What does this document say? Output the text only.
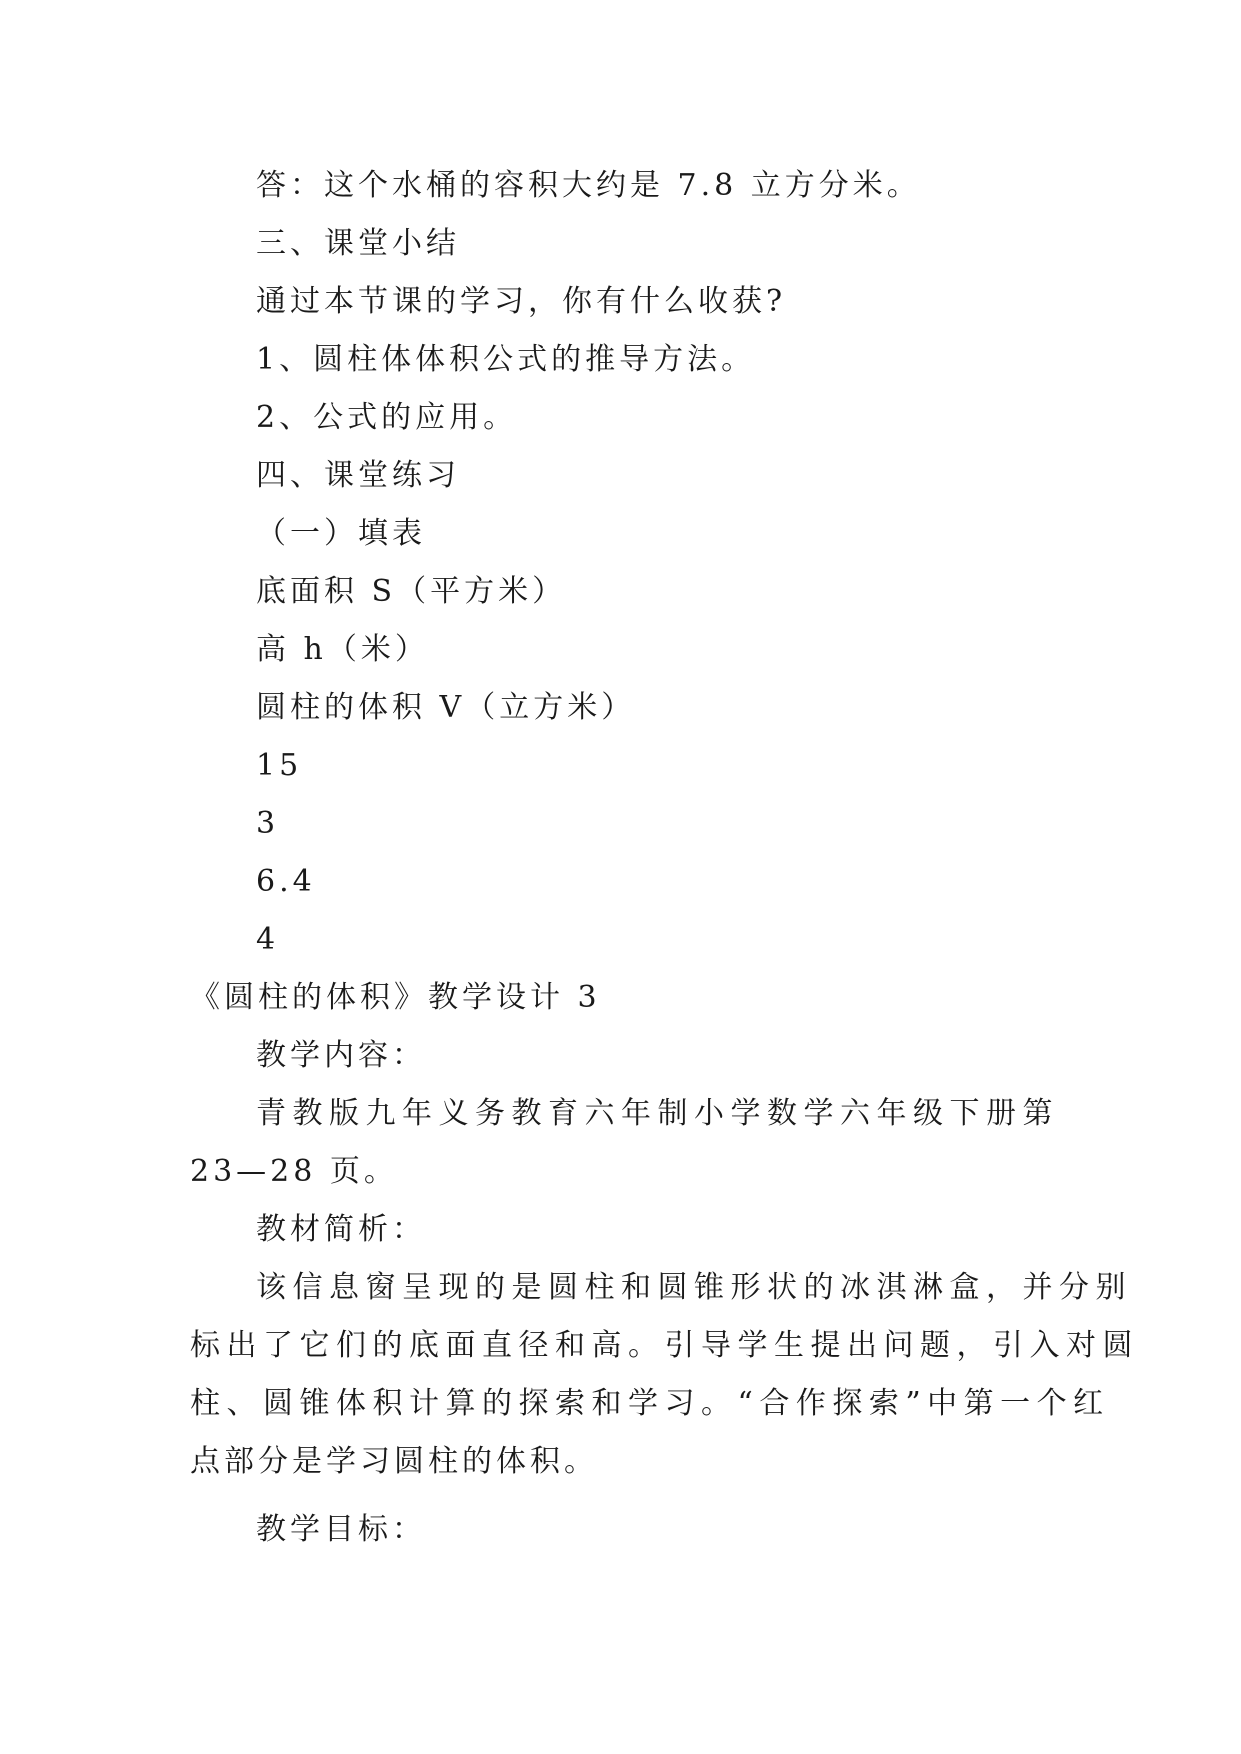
答：这个水桶的容积大约是 7.8 立方分米。
三、课堂小结
通过本节课的学习，你有什么收获?
1、圆柱体体积公式的推导方法。
2、公式的应用。
四、课堂练习
（一）填表
底面积 S（平方米）
高 h（米）
圆柱的体积 V（立方米）
15
3
6.4
4
《圆柱的体积》教学设计 3
教学内容：
青教版九年义务教育六年制小学数学六年级下册第
23—28 页。
教材简析：
该信息窗呈现的是圆柱和圆锥形状的冰淇淋盒，并分别
标出了它们的底面直径和高。引导学生提出问题，引入对圆
柱、圆锥体积计算的探索和学习。“合作探索”中第一个红
点部分是学习圆柱的体积。
教学目标：
